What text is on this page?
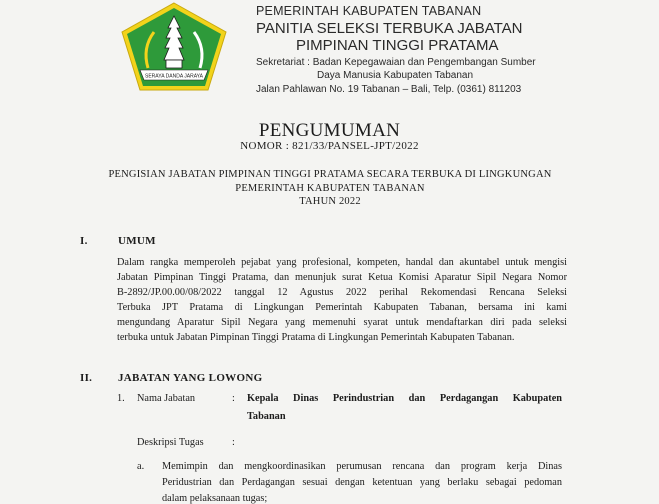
SERAYA DANDA JARAYA
PEMERINTAH KABUPATEN TABANAN
PANITIA SELEKSI TERBUKA JABATAN
PIMPINAN TINGGI PRATAMA
Sekretariat : Badan Kepegawaian dan Pengembangan Sumber
Daya Manusia Kabupaten Tabanan
Jalan Pahlawan No. 19 Tabanan – Bali, Telp. (0361) 811203
PENGUMUMAN
NOMOR : 821/33/PANSEL-JPT/2022
PENGISIAN JABATAN PIMPINAN TINGGI PRATAMA SECARA TERBUKA DI LINGKUNGAN
PEMERINTAH KABUPATEN TABANAN
TAHUN 2022
I.	UMUM
Dalam rangka memperoleh pejabat yang profesional, kompeten, handal dan akuntabel untuk mengisi
Jabatan Pimpinan Tinggi Pratama, dan menunjuk surat Ketua Komisi Aparatur Sipil Negara Nomor
B-2892/JP.00.00/08/2022 tanggal 12 Agustus 2022 perihal Rekomendasi Rencana Seleksi
Terbuka JPT Pratama di Lingkungan Pemerintah Kabupaten Tabanan, bersama ini kami
mengundang Aparatur Sipil Negara yang memenuhi syarat untuk mendaftarkan diri pada seleksi
terbuka untuk Jabatan Pimpinan Tinggi Pratama di Lingkungan Pemerintah Kabupaten Tabanan.
II. JABATAN YANG LOWONG
1. Nama Jabatan	: Kepala Dinas Perindustrian dan Perdagangan Kabupaten
Tabanan
Deskripsi Tugas	:
a. Memimpin dan mengkoordinasikan perumusan rencana dan program kerja Dinas
Peridustrian dan Perdagangan sesuai dengan ketentuan yang berlaku sebagai pedoman
dalam pelaksanaan tugas;
